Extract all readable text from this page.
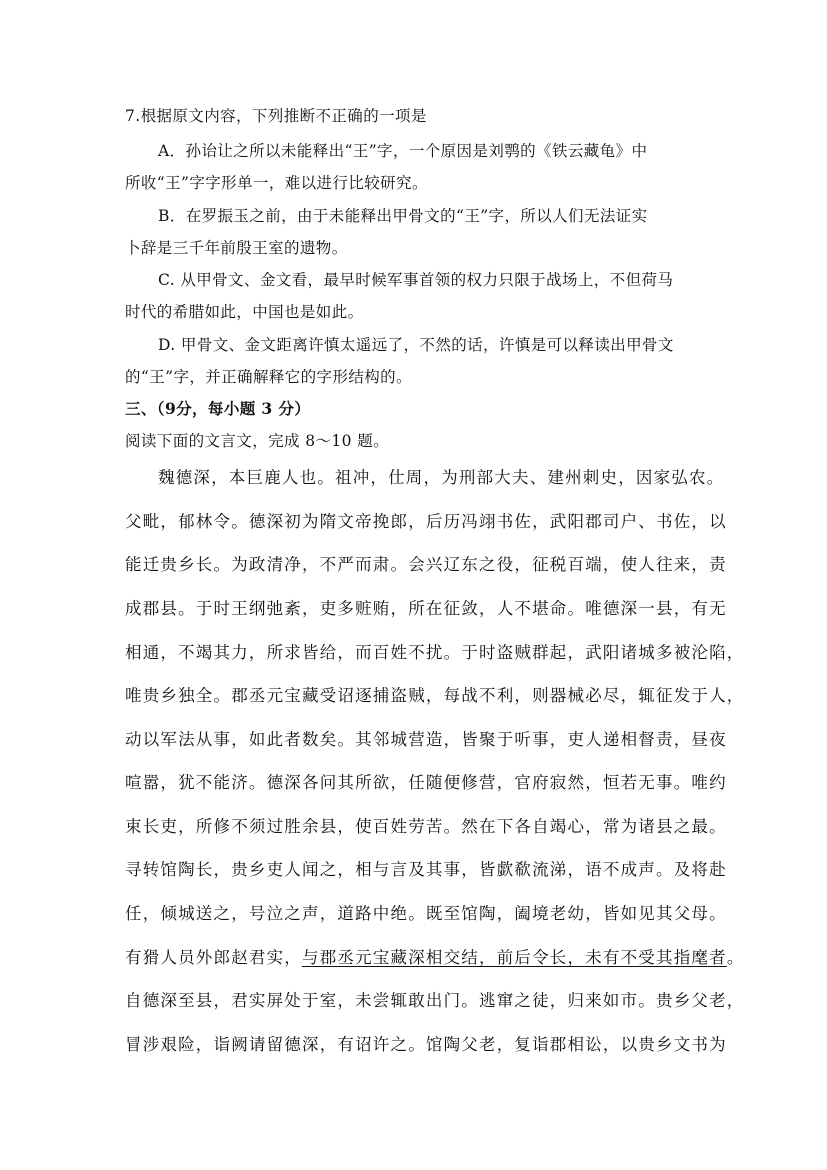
7.根据原文内容，下列推断不正确的一项是
A．孙诒让之所以未能释出“王”字，一个原因是刘鹗的《铁云藏龟》中
所收“王”字字形单一，难以进行比较研究。
B．在罗振玉之前，由于未能释出甲骨文的“王”字，所以人们无法证实
卜辞是三千年前殷王室的遗物。
C. 从甲骨文、金文看，最早时候军事首领的权力只限于战场上，不但荷马
时代的希腊如此，中国也是如此。
D. 甲骨文、金文距离许慎太遥远了，不然的话，许慎是可以释读出甲骨文
的“王”字，并正确解释它的字形结构的。
三、（9分，每小题 3 分）
阅读下面的文言文，完成 8～10 题。
魏德深，本巨鹿人也。祖冲，仕周，为刑部大夫、建州刺史，因家弘农。
父毗，郁林令。德深初为隋文帝挽郎，后历冯翊书佐，武阳郡司户、书佐，以
能迁贵乡长。为政清净，不严而肃。会兴辽东之役，征税百端，使人往来，责
成郡县。于时王纲弛紊，吏多赃贿，所在征敛，人不堪命。唯德深一县，有无
相通，不竭其力，所求皆给，而百姓不扰。于时盗贼群起，武阳诸城多被沦陷，
唯贵乡独全。郡丞元宝藏受诏逐捕盗贼，每战不利，则器械必尽，辄征发于人，
动以军法从事，如此者数矣。其邻城营造，皆聚于听事，吏人递相督责，昼夜
喧嚣，犹不能济。德深各问其所欲，任随便修营，官府寂然，恒若无事。唯约
束长吏，所修不须过胜余县，使百姓劳苦。然在下各自竭心，常为诸县之最。
寻转馆陶长，贵乡吏人闻之，相与言及其事，皆歔欷流涕，语不成声。及将赴
任，倾城送之，号泣之声，道路中绝。既至馆陶，阖境老幼，皆如见其父母。
有猾人员外郎赵君实，与郡丞元宝藏深相交结，前后令长，未有不受其指麾者。
自德深至县，君实屏处于室，未尝辄敢出门。逃窜之徒，归来如市。贵乡父老，
冒涉艰险，诣阙请留德深，有诏许之。馆陶父老，复诣郡相讼，以贵乡文书为
